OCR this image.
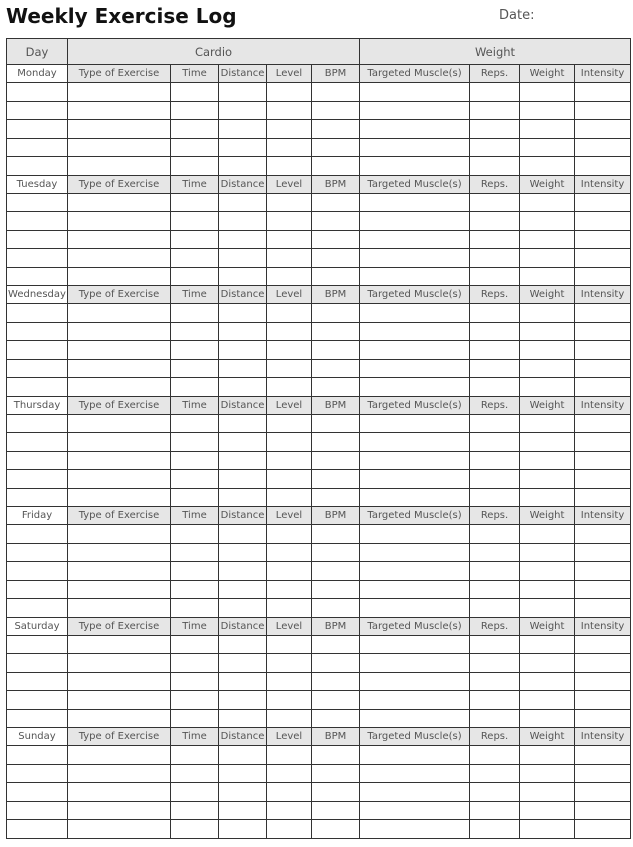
Weekly Exercise Log	Date:
Day	Cardio					Weight			
Monday	Type of Exercise	Time	Distance	Level	BPM	Targeted Muscle(s)	Reps.	Weight	Intensity

Tuesday	Type of Exercise	Time	Distance	Level	BPM	Targeted Muscle(s)	Reps.	Weight	Intensity

Wednesday	Type of Exercise	Time	Distance	Level	BPM	Targeted Muscle(s)	Reps.	Weight	Intensity

Thursday	Type of Exercise	Time	Distance	Level	BPM	Targeted Muscle(s)	Reps.	Weight	Intensity

Friday	Type of Exercise	Time	Distance	Level	BPM	Targeted Muscle(s)	Reps.	Weight	Intensity

Saturday	Type of Exercise	Time	Distance	Level	BPM	Targeted Muscle(s)	Reps.	Weight	Intensity

Sunday	Type of Exercise	Time	Distance	Level	BPM	Targeted Muscle(s)	Reps.	Weight	Intensity
